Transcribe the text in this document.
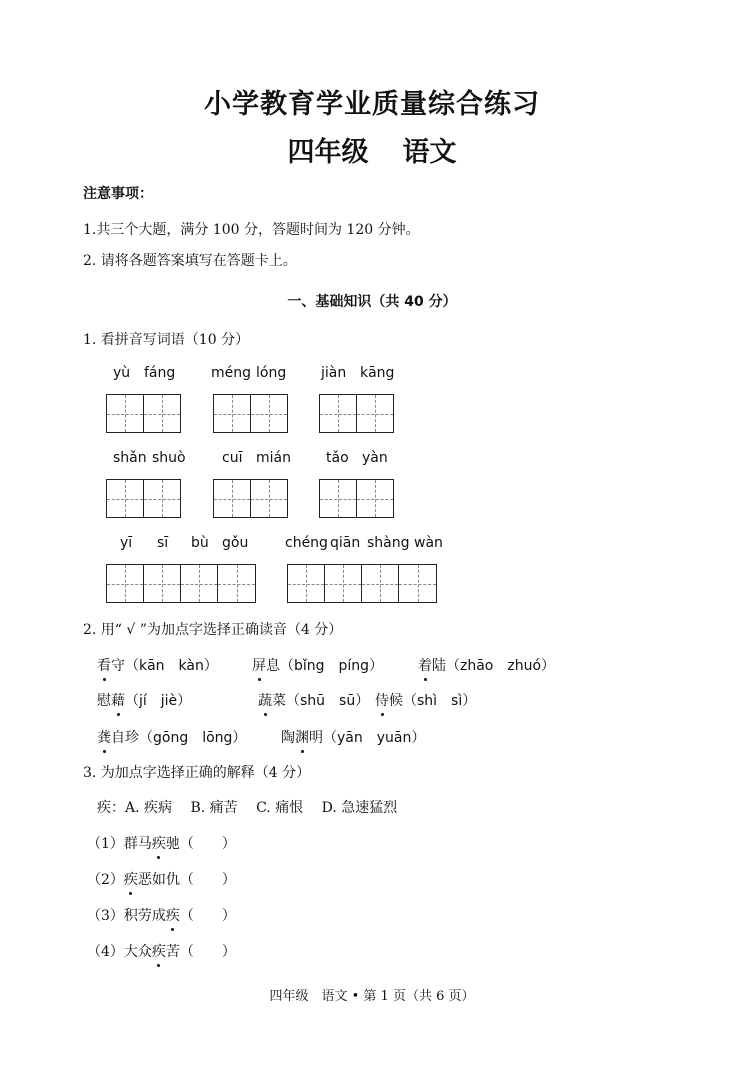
小学教育学业质量综合练习
四年级 语文
注意事项：
1.共三个大题，满分 100 分，答题时间为 120 分钟。
2. 请将各题答案填写在答题卡上。
一、基础知识（共 40 分）
1. 看拼音写词语（10 分）
yù fáng	méng lóng jiàn kāng
shǎn shuò	cuī mián	tǎo yàn
yī sī bù gǒu	chéng qiān shàng wàn
2. 用“ √ ”为加点字选择正确读音（4 分）
看守（kān　kàn） 屏息（bǐng　píng） 着陆（zhāo　zhuó）
慰藉（jí　jiè）	蔬菜（shū　sū） 侍候（shì　sì）
龚自珍（gōng　lōng） 陶渊明（yān　yuān）
3. 为加点字选择正确的解释（4 分）
疾：A. 疾病　 B. 痛苦　 C. 痛恨　 D. 急速猛烈
（1）群马疾驰（　　）
（2）疾恶如仇（　　）
（3）积劳成疾（　　）
（4）大众疾苦（　　）
四年级　语文 • 第 1 页（共 6 页）
